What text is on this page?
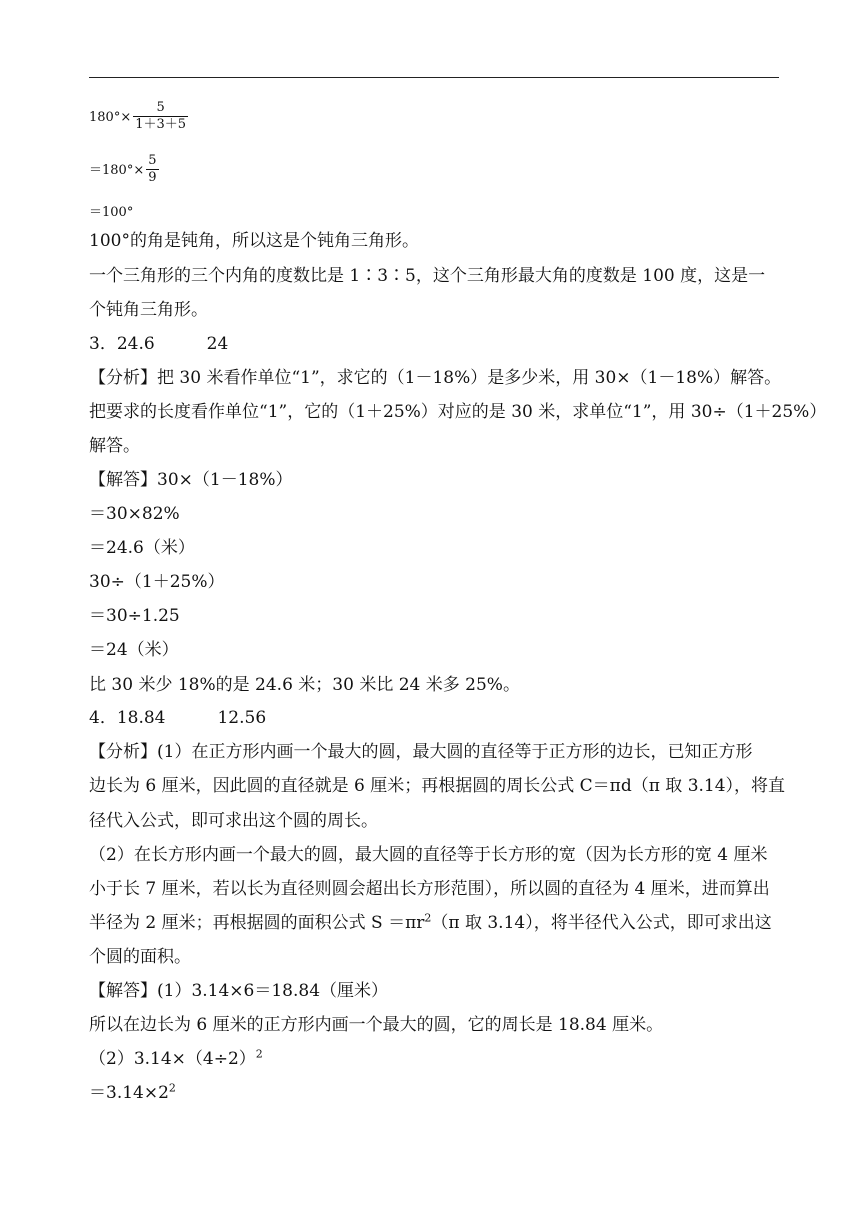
$180^\circ\times \frac{5}{1+3+5}$
$=180^\circ\times \frac{5}{9}$
＝100°
100°的角是钝角，所以这是个钝角三角形。
一个三角形的三个内角的度数比是 1∶3∶5，这个三角形最大角的度数是 100 度，这是一
个钝角三角形。
3．24.6	24
【分析】把 30 米看作单位“1”，求它的（1－18%）是多少米，用 30×（1－18%）解答。
把要求的长度看作单位“1”，它的（1＋25%）对应的是 30 米，求单位“1”，用 30÷（1＋25%）
解答。
【解答】30×（1－18%）
＝30×82%
＝24.6（米）
30÷（1＋25%）
＝30÷1.25
＝24（米）
比 30 米少 18%的是 24.6 米；30 米比 24 米多 25%。
4．18.84	12.56
【分析】(1）在正方形内画一个最大的圆，最大圆的直径等于正方形的边长，已知正方形
边长为 6 厘米，因此圆的直径就是 6 厘米；再根据圆的周长公式 C＝πd（π 取 3.14），将直
径代入公式，即可求出这个圆的周长。
（2）在长方形内画一个最大的圆，最大圆的直径等于长方形的宽（因为长方形的宽 4 厘米
小于长 7 厘米，若以长为直径则圆会超出长方形范围），所以圆的直径为 4 厘米，进而算出
半径为 2 厘米；再根据圆的面积公式 $S =\pi r^2(\pi$ 取 3.14），将半径代入公式，即可求出这
个圆的面积。
【解答】(1）3.14×6＝18.84（厘米）
所以在边长为 6 厘米的正方形内画一个最大的圆，它的周长是 18.84 厘米。
$(2)3.14\times(4\div 2)^2$
$=3.14\times 2^2$
